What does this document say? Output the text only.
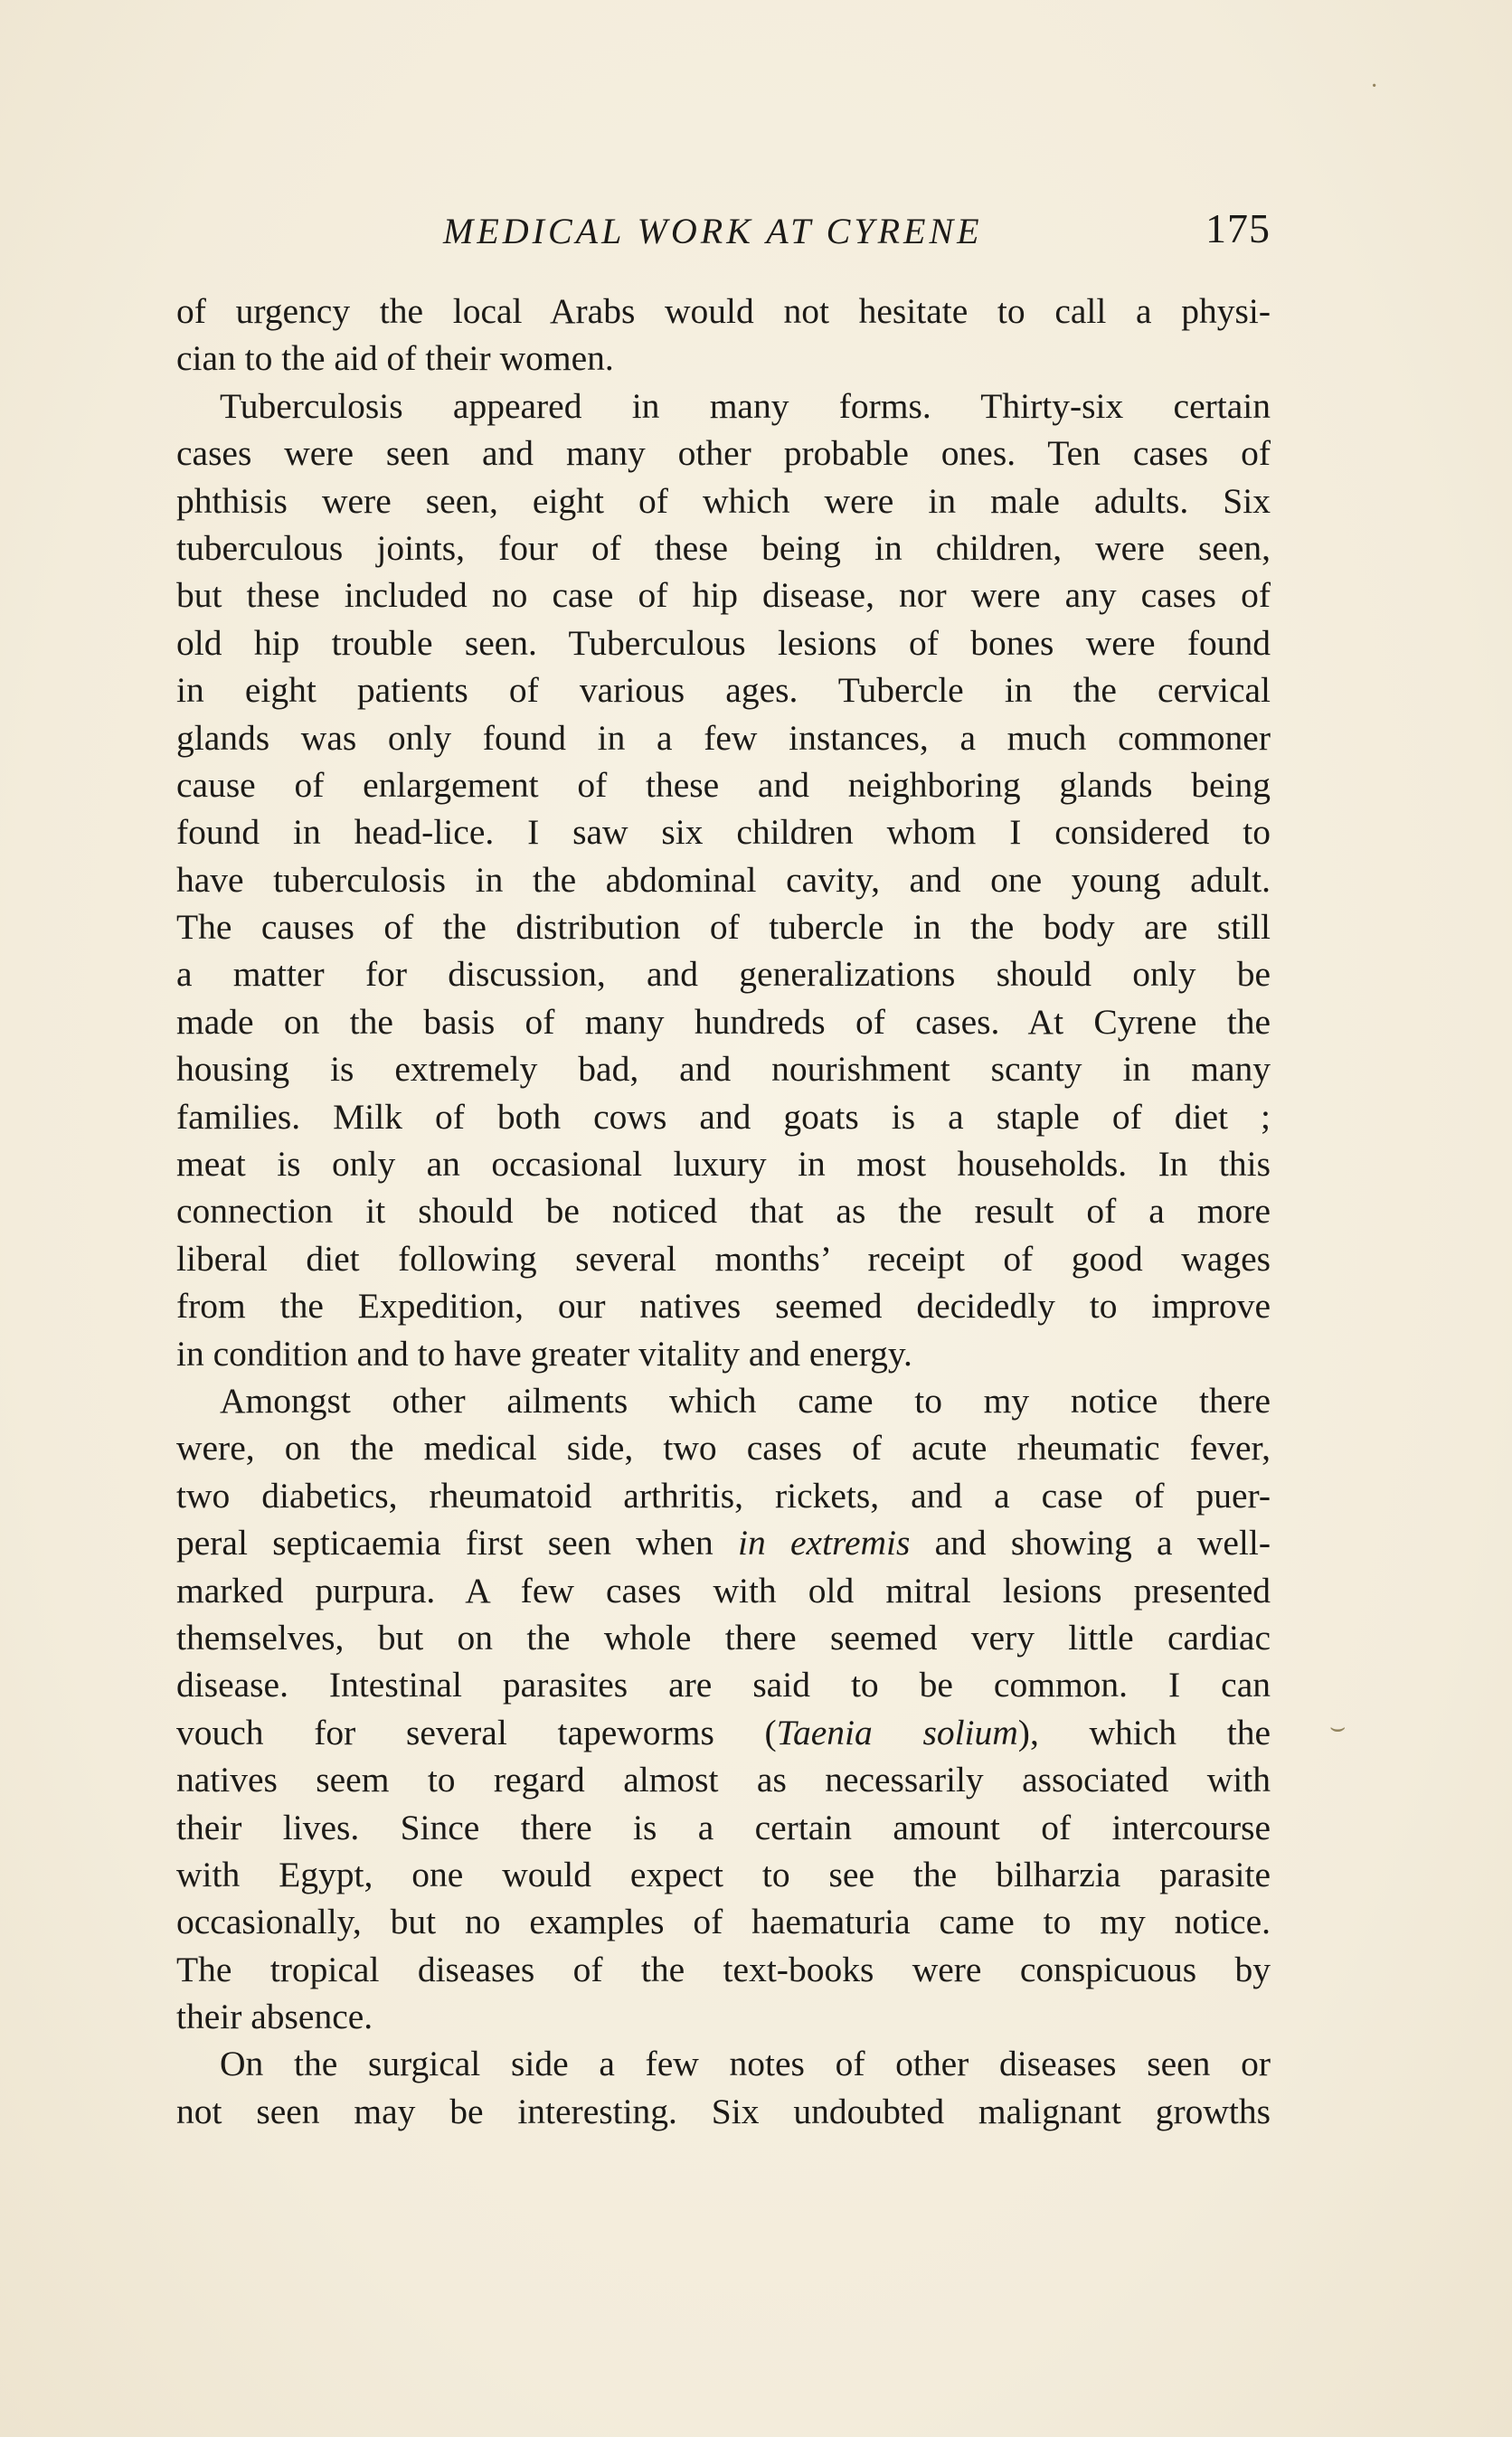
MEDICAL WORK AT CYRENE	175
of urgency the local Arabs would not hesitate to call a physi-
cian to the aid of their women.
Tuberculosis appeared in many forms. Thirty-six certain
cases were seen and many other probable ones. Ten cases of
phthisis were seen, eight of which were in male adults. Six
tuberculous joints, four of these being in children, were seen,
but these included no case of hip disease, nor were any cases of
old hip trouble seen. Tuberculous lesions of bones were found
in eight patients of various ages. Tubercle in the cervical
glands was only found in a few instances, a much commoner
cause of enlargement of these and neighboring glands being
found in head-lice. I saw six children whom I considered to
have tuberculosis in the abdominal cavity, and one young adult.
The causes of the distribution of tubercle in the body are still
a matter for discussion, and generalizations should only be
made on the basis of many hundreds of cases. At Cyrene the
housing is extremely bad, and nourishment scanty in many
families. Milk of both cows and goats is a staple of diet ;
meat is only an occasional luxury in most households. In this
connection it should be noticed that as the result of a more
liberal diet following several months’ receipt of good wages
from the Expedition, our natives seemed decidedly to improve
in condition and to have greater vitality and energy.
Amongst other ailments which came to my notice there
were, on the medical side, two cases of acute rheumatic fever,
two diabetics, rheumatoid arthritis, rickets, and a case of puer-
peral septicaemia first seen when in extremis and showing a well-
marked purpura. A few cases with old mitral lesions presented
themselves, but on the whole there seemed very little cardiac
disease. Intestinal parasites are said to be common. I can
vouch for several tapeworms (Taenia solium), which the
natives seem to regard almost as necessarily associated with
their lives. Since there is a certain amount of intercourse
with Egypt, one would expect to see the bilharzia parasite
occasionally, but no examples of haematuria came to my notice.
The tropical diseases of the text-books were conspicuous by
their absence.
On the surgical side a few notes of other diseases seen or
not seen may be interesting. Six undoubted malignant growths
·
⌣
